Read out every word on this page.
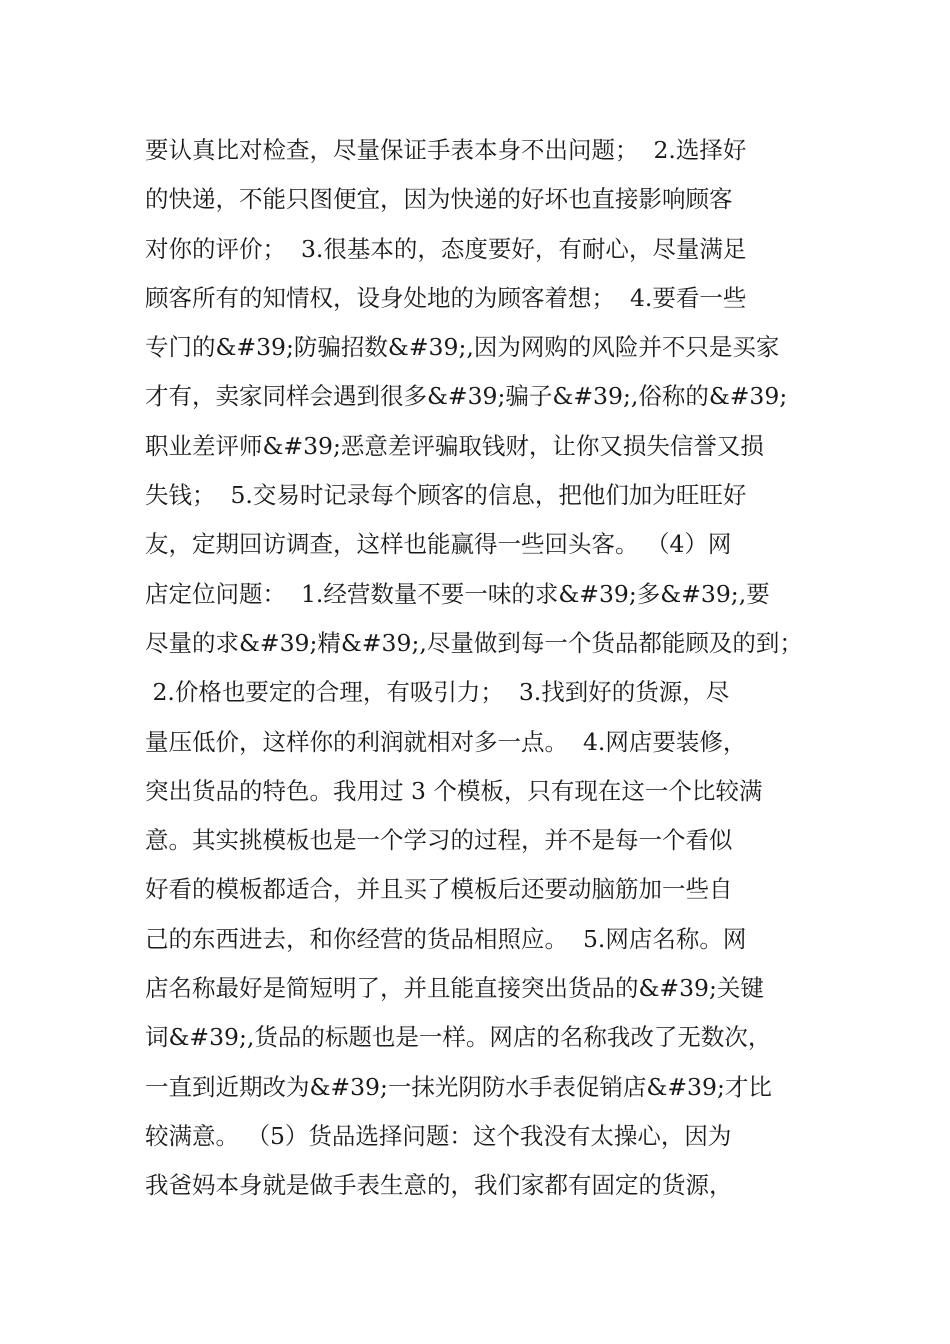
要认真比对检查，尽量保证手表本身不出问题；  2.选择好
的快递，不能只图便宜，因为快递的好坏也直接影响顾客
对你的评价；  3.很基本的，态度要好，有耐心，尽量满足
顾客所有的知情权，设身处地的为顾客着想；  4.要看一些
专门的&#39;防骗招数&#39;,因为网购的风险并不只是买家
才有，卖家同样会遇到很多&#39;骗子&#39;,俗称的&#39;
职业差评师&#39;恶意差评骗取钱财，让你又损失信誉又损
失钱；  5.交易时记录每个顾客的信息，把他们加为旺旺好
友，定期回访调查，这样也能赢得一些回头客。 （4）网
店定位问题：  1.经营数量不要一味的求&#39;多&#39;,要
尽量的求&#39;精&#39;,尽量做到每一个货品都能顾及的到；
2.价格也要定的合理，有吸引力；  3.找到好的货源，尽
量压低价，这样你的利润就相对多一点。  4.网店要装修，
突出货品的特色。我用过 3 个模板，只有现在这一个比较满
意。其实挑模板也是一个学习的过程，并不是每一个看似
好看的模板都适合，并且买了模板后还要动脑筋加一些自
己的东西进去，和你经营的货品相照应。  5.网店名称。网
店名称最好是简短明了，并且能直接突出货品的&#39;关键
词&#39;,货品的标题也是一样。网店的名称我改了无数次，
一直到近期改为&#39;一抹光阴防水手表促销店&#39;才比
较满意。 （5）货品选择问题：这个我没有太操心，因为
我爸妈本身就是做手表生意的，我们家都有固定的货源，
